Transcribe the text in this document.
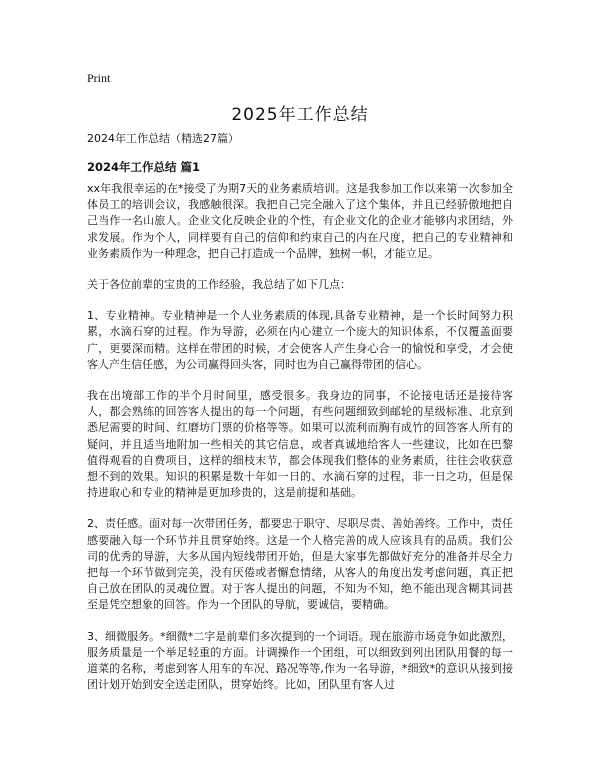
Print
2025年工作总结

2024年工作总结（精选27篇）

2024年工作总结 篇1

xx年我很幸运的在*接受了为期7天的业务素质培训。这是我参加工作以来第一次参加全体员工的培训会议，我感触很深。我把自己完全融入了这个集体，并且已经骄傲地把自己当作一名山旅人。企业文化反映企业的个性，有企业文化的企业才能够内求团结，外求发展。作为个人，同样要有自己的信仰和约束自己的内在尺度，把自己的专业精神和业务素质作为一种理念，把自己打造成一个品牌，独树一帜，才能立足。

关于各位前辈的宝贵的工作经验，我总结了如下几点：

1、专业精神。专业精神是一个人业务素质的体现,具备专业精神，是一个长时间努力积累，水滴石穿的过程。作为导游，必须在内心建立一个庞大的知识体系，不仅覆盖面要广，更要深而精。这样在带团的时候，才会使客人产生身心合一的愉悦和享受，才会使客人产生信任感，为公司赢得回头客，同时也为自己赢得带团的信心。

我在出境部工作的半个月时间里，感受很多。我身边的同事，不论接电话还是接待客人，都会熟练的回答客人提出的每一个问题，有些问题细致到邮轮的星级标准、北京到悉尼需要的时间、红磨坊门票的价格等等。如果可以流利而胸有成竹的回答客人所有的疑问，并且适当地附加一些相关的其它信息，或者真诚地给客人一些建议，比如在巴黎值得观看的自费项目，这样的细枝末节，都会体现我们整体的业务素质，往往会收获意想不到的效果。知识的积累是数十年如一日的、水滴石穿的过程，非一日之功，但是保持进取心和专业的精神是更加珍贵的，这是前提和基础。

2、责任感。面对每一次带团任务，都要忠于职守、尽职尽责、善始善终。工作中，责任感要融入每一个环节并且贯穿始终。这是一个人格完善的成人应该具有的品质。我们公司的优秀的导游，大多从国内短线带团开始，但是大家事先都做好充分的准备并尽全力把每一个环节做到完美，没有厌倦或者懈怠情绪，从客人的角度出发考虑问题，真正把自己放在团队的灵魂位置。对于客人提出的问题，不知为不知，绝不能出现含糊其词甚至是凭空想象的回答。作为一个团队的导航，要诚信，要精确。

3、细微服务。*细微*二字是前辈们多次提到的一个词语。现在旅游市场竞争如此激烈，服务质量是一个举足轻重的方面。计调操作一个团组，可以细致到列出团队用餐的每一道菜的名称，考虑到客人用车的车况、路况等等,作为一名导游，*细致*的意识从接到接团计划开始到安全送走团队，贯穿始终。比如，团队里有客人过
